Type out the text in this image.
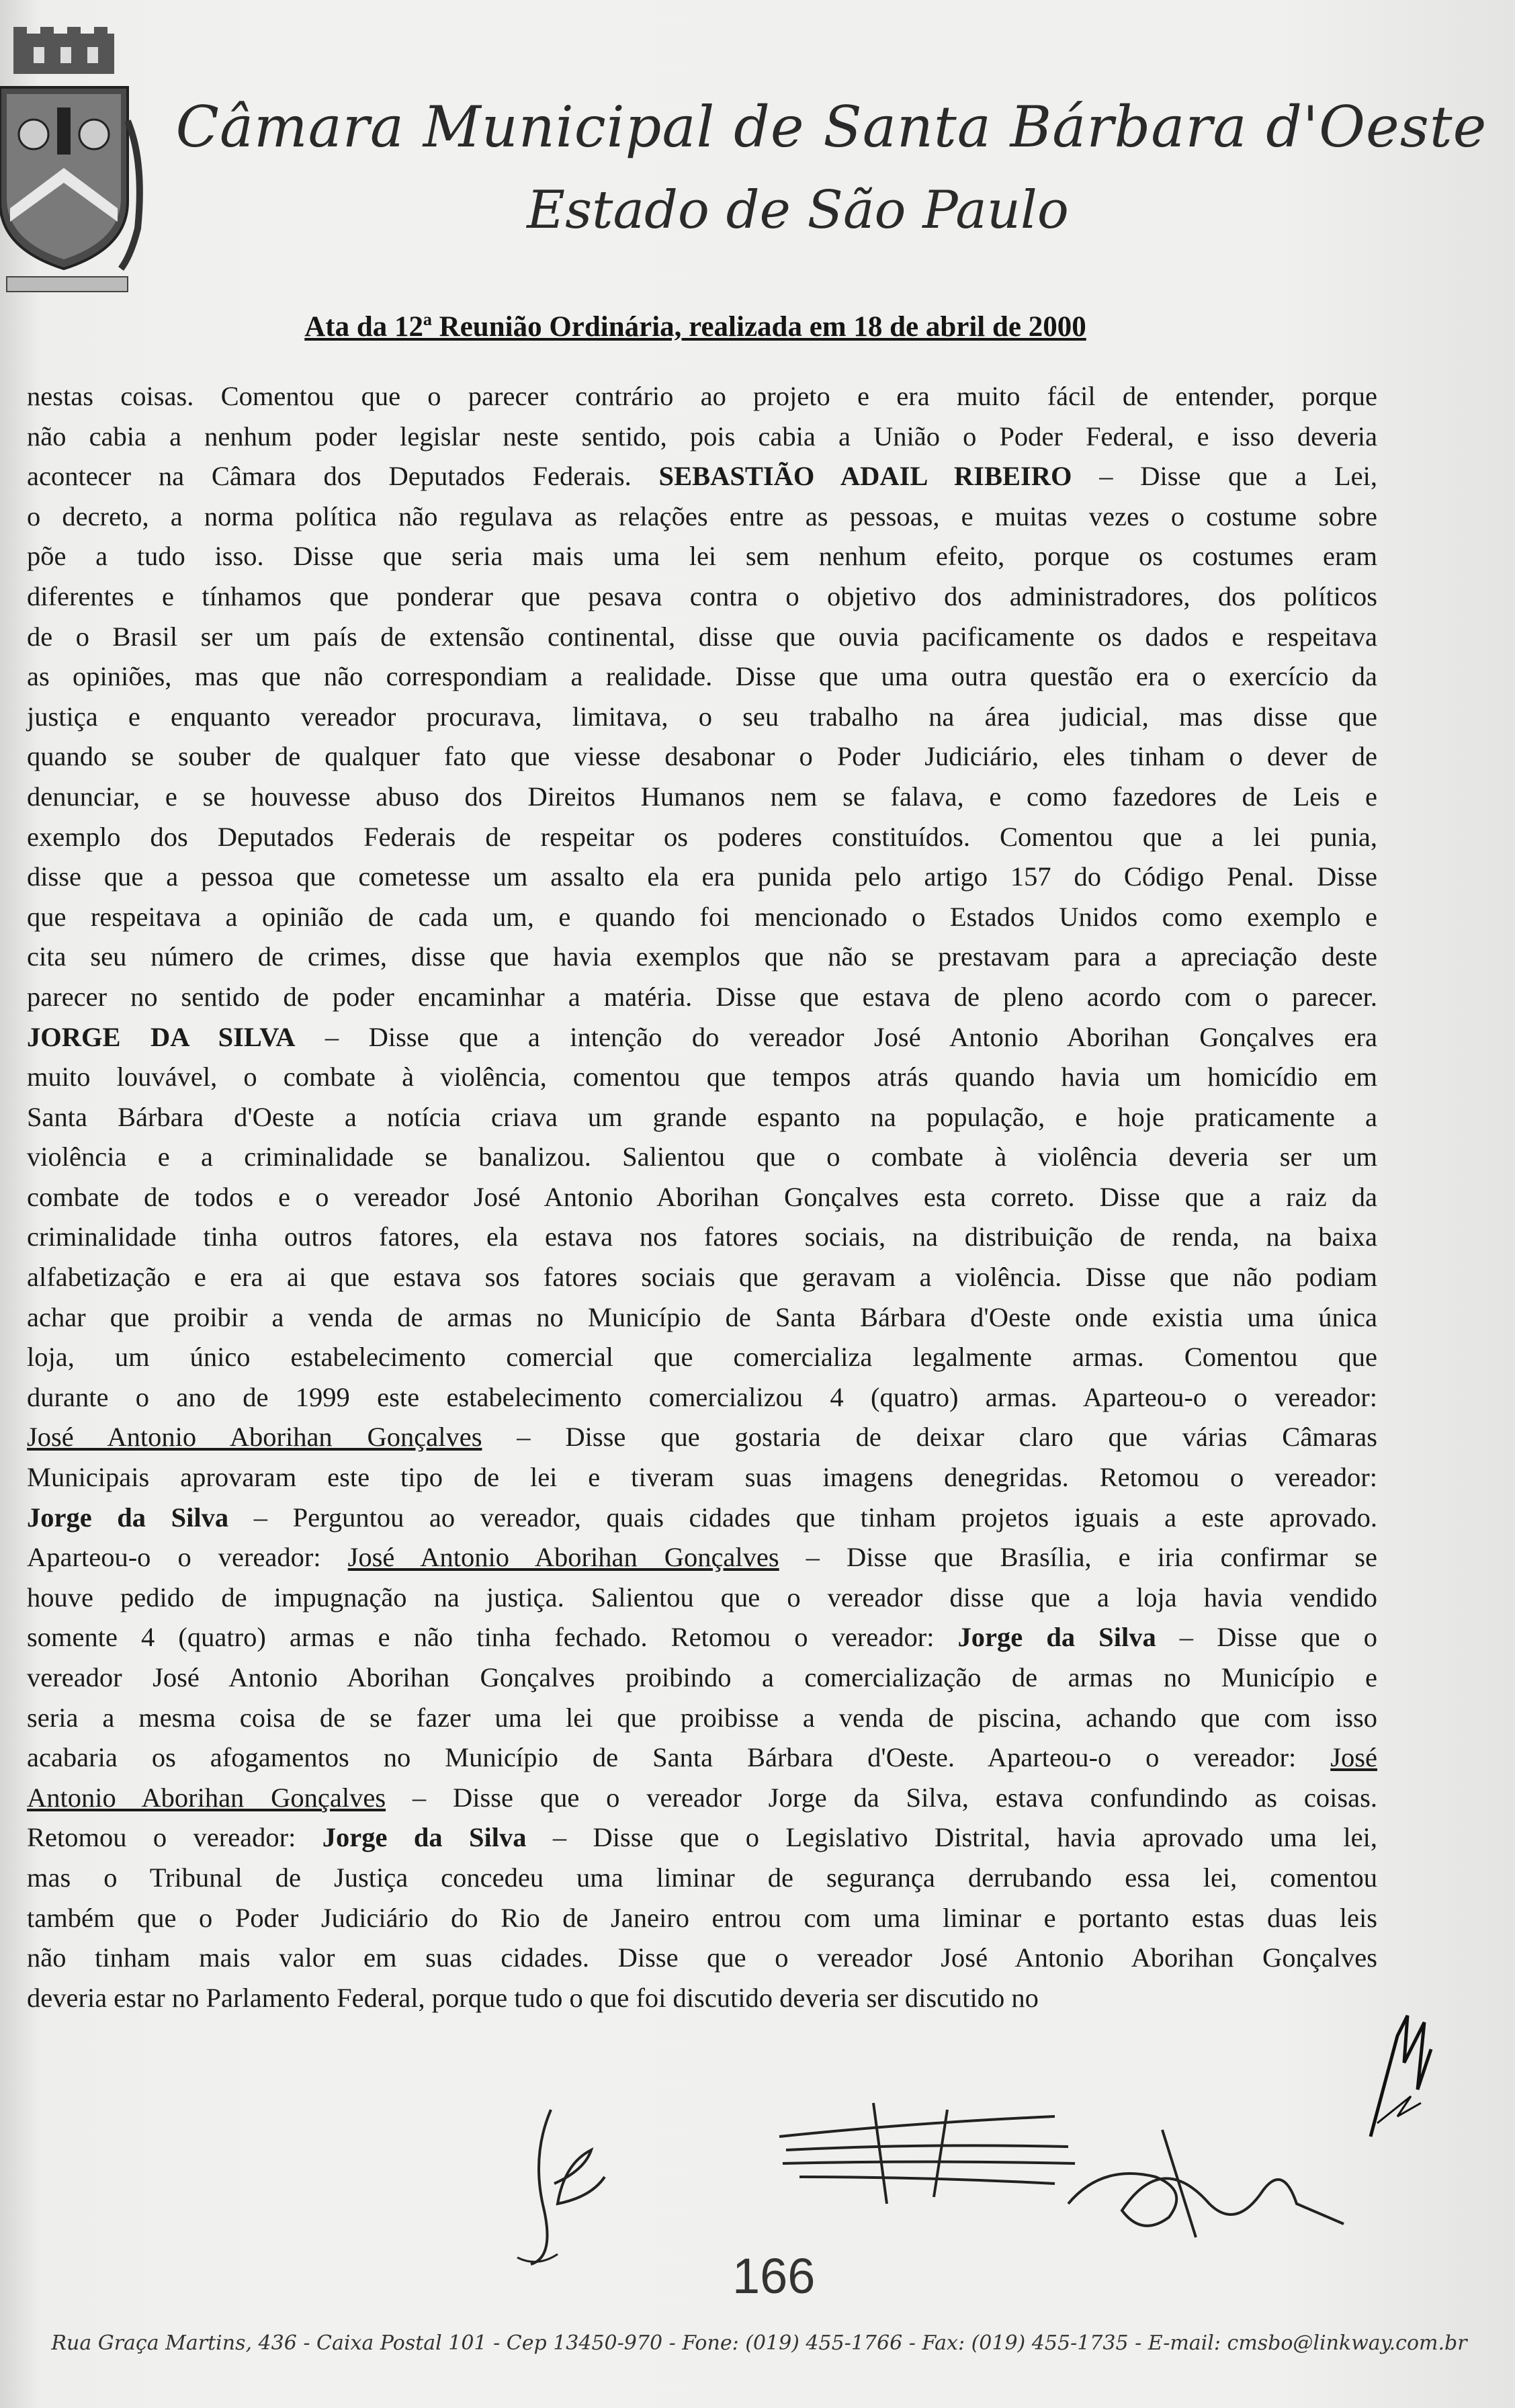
Câmara Municipal de Santa Bárbara d'Oeste
Estado de São Paulo
Ata da 12ª Reunião Ordinária, realizada em 18 de abril de 2000
nestas coisas. Comentou que o parecer contrário ao projeto e era muito fácil de entender, porque
não cabia a nenhum poder legislar neste sentido, pois cabia a União o Poder Federal, e isso deveria
acontecer na Câmara dos Deputados Federais. SEBASTIÃO ADAIL RIBEIRO – Disse que a Lei,
o decreto, a norma política não regulava as relações entre as pessoas, e muitas vezes o costume sobre
põe a tudo isso. Disse que seria mais uma lei sem nenhum efeito, porque os costumes eram
diferentes e tínhamos que ponderar que pesava contra o objetivo dos administradores, dos políticos
de o Brasil ser um país de extensão continental, disse que ouvia pacificamente os dados e respeitava
as opiniões, mas que não correspondiam a realidade. Disse que uma outra questão era o exercício da
justiça e enquanto vereador procurava, limitava, o seu trabalho na área judicial, mas disse que
quando se souber de qualquer fato que viesse desabonar o Poder Judiciário, eles tinham o dever de
denunciar, e se houvesse abuso dos Direitos Humanos nem se falava, e como fazedores de Leis e
exemplo dos Deputados Federais de respeitar os poderes constituídos. Comentou que a lei punia,
disse que a pessoa que cometesse um assalto ela era punida pelo artigo 157 do Código Penal. Disse
que respeitava a opinião de cada um, e quando foi mencionado o Estados Unidos como exemplo e
cita seu número de crimes, disse que havia exemplos que não se prestavam para a apreciação deste
parecer no sentido de poder encaminhar a matéria. Disse que estava de pleno acordo com o parecer.
JORGE DA SILVA – Disse que a intenção do vereador José Antonio Aborihan Gonçalves era
muito louvável, o combate à violência, comentou que tempos atrás quando havia um homicídio em
Santa Bárbara d'Oeste a notícia criava um grande espanto na população, e hoje praticamente a
violência e a criminalidade se banalizou. Salientou que o combate à violência deveria ser um
combate de todos e o vereador José Antonio Aborihan Gonçalves esta correto. Disse que a raiz da
criminalidade tinha outros fatores, ela estava nos fatores sociais, na distribuição de renda, na baixa
alfabetização e era ai que estava sos fatores sociais que geravam a violência. Disse que não podiam
achar que proibir a venda de armas no Município de Santa Bárbara d'Oeste onde existia uma única
loja, um único estabelecimento comercial que comercializa legalmente armas. Comentou que
durante o ano de 1999 este estabelecimento comercializou 4 (quatro) armas. Aparteou-o o vereador:
José Antonio Aborihan Gonçalves – Disse que gostaria de deixar claro que várias Câmaras
Municipais aprovaram este tipo de lei e tiveram suas imagens denegridas. Retomou o vereador:
Jorge da Silva – Perguntou ao vereador, quais cidades que tinham projetos iguais a este aprovado.
Aparteou-o o vereador: José Antonio Aborihan Gonçalves – Disse que Brasília, e iria confirmar se
houve pedido de impugnação na justiça. Salientou que o vereador disse que a loja havia vendido
somente 4 (quatro) armas e não tinha fechado. Retomou o vereador: Jorge da Silva – Disse que o
vereador José Antonio Aborihan Gonçalves proibindo a comercialização de armas no Município e
seria a mesma coisa de se fazer uma lei que proibisse a venda de piscina, achando que com isso
acabaria os afogamentos no Município de Santa Bárbara d'Oeste. Aparteou-o o vereador: José
Antonio Aborihan Gonçalves – Disse que o vereador Jorge da Silva, estava confundindo as coisas.
Retomou o vereador: Jorge da Silva – Disse que o Legislativo Distrital, havia aprovado uma lei,
mas o Tribunal de Justiça concedeu uma liminar de segurança derrubando essa lei, comentou
também que o Poder Judiciário do Rio de Janeiro entrou com uma liminar e portanto estas duas leis
não tinham mais valor em suas cidades. Disse que o vereador José Antonio Aborihan Gonçalves
deveria estar no Parlamento Federal, porque tudo o que foi discutido deveria ser discutido no
166
Rua Graça Martins, 436 - Caixa Postal 101 - Cep 13450-970 - Fone: (019) 455-1766 - Fax: (019) 455-1735 - E-mail: cmsbo@linkway.com.br
